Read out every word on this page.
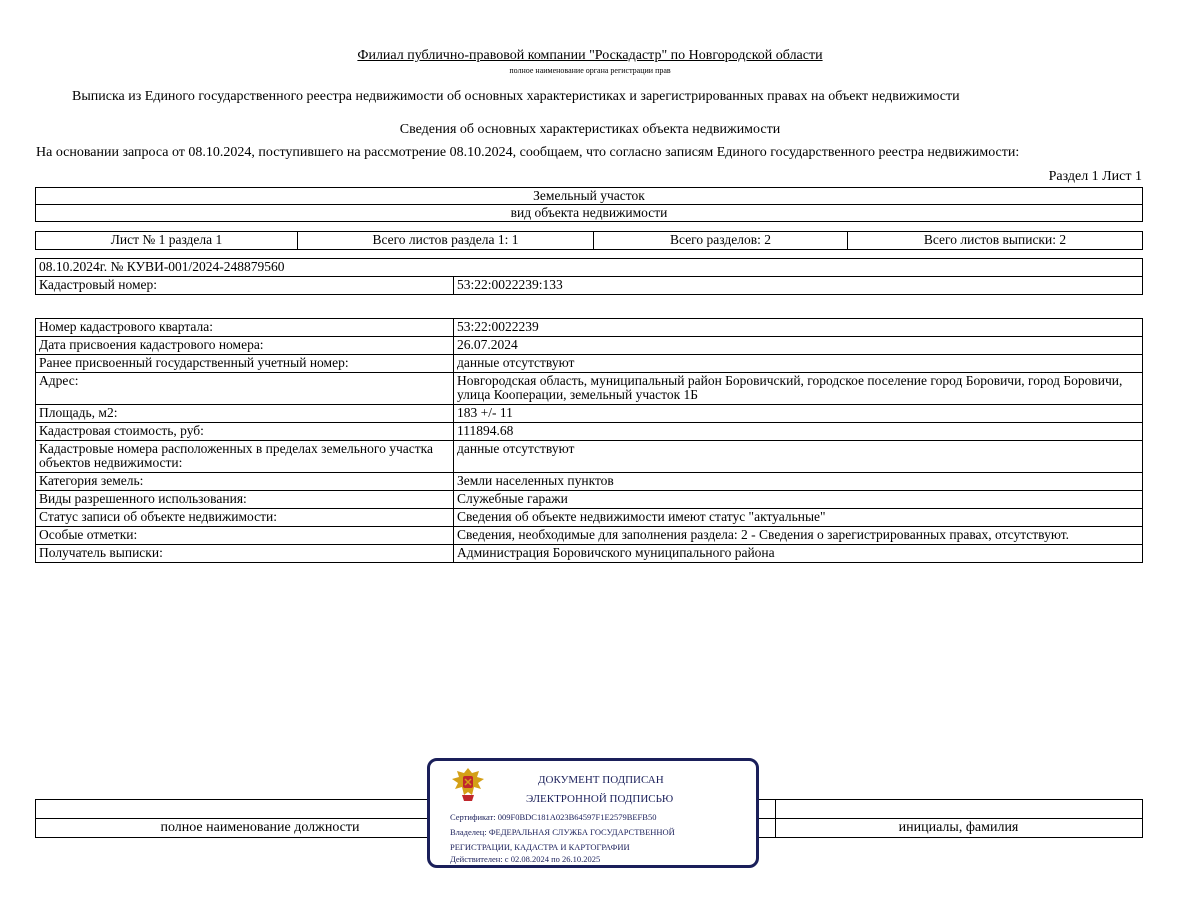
Филиал публично-правовой компании "Роскадастр" по Новгородской области
полное наименование органа регистрации прав
Выписка из Единого государственного реестра недвижимости об основных характеристиках и зарегистрированных правах на объект недвижимости
Сведения об основных характеристиках объекта недвижимости
На основании запроса от 08.10.2024, поступившего на рассмотрение 08.10.2024, сообщаем, что согласно записям Единого государственного реестра недвижимости:
Раздел 1 Лист 1
Земельный участок
вид объекта недвижимости
Лист № 1 раздела 1	Всего листов раздела 1: 1	Всего разделов: 2	Всего листов выписки: 2
08.10.2024г. № КУВИ-001/2024-248879560
Кадастровый номер:	53:22:0022239:133
Номер кадастрового квартала:	53:22:0022239
Дата присвоения кадастрового номера:	26.07.2024
Ранее присвоенный государственный учетный номер:	данные отсутствуют
Адрес:	Новгородская область, муниципальный район Боровичский, городское поселение город Боровичи, город Боровичи, улица Кооперации, земельный участок 1Б
Площадь, м2:	183 +/- 11
Кадастровая стоимость, руб:	111894.68
Кадастровые номера расположенных в пределах земельного участка объектов недвижимости:	данные отсутствуют
Категория земель:	Земли населенных пунктов
Виды разрешенного использования:	Служебные гаражи
Статус записи об объекте недвижимости:	Сведения об объекте недвижимости имеют статус "актуальные"
Особые отметки:	Сведения, необходимые для заполнения раздела: 2 - Сведения о зарегистрированных правах, отсутствуют.
Получатель выписки:	Администрация Боровичского муниципального района
полное наименование должности	инициалы, фамилия
ДОКУМЕНТ ПОДПИСАН
ЭЛЕКТРОННОЙ ПОДПИСЬЮ
Сертификат: 009F0BDC181A023B64597F1E2579BEFB50
Владелец: ФЕДЕРАЛЬНАЯ СЛУЖБА ГОСУДАРСТВЕННОЙ
РЕГИСТРАЦИИ, КАДАСТРА И КАРТОГРАФИИ
Действителен: с 02.08.2024 по 26.10.2025
